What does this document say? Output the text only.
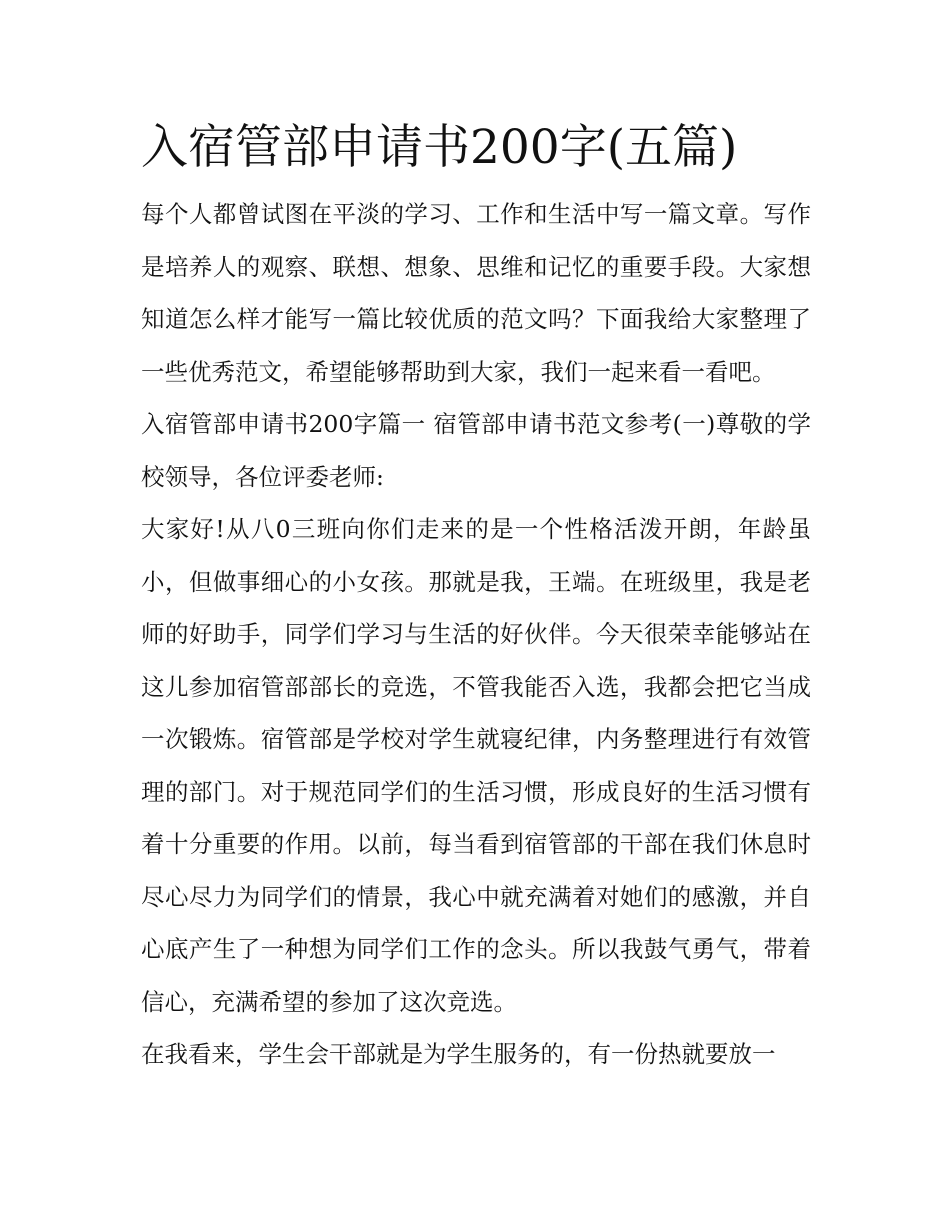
入宿管部申请书200字(五篇)

每个人都曾试图在平淡的学习、工作和生活中写一篇文章。写作是培养人的观察、联想、想象、思维和记忆的重要手段。大家想知道怎么样才能写一篇比较优质的范文吗？下面我给大家整理了一些优秀范文，希望能够帮助到大家，我们一起来看一看吧。

入宿管部申请书200字篇一 宿管部申请书范文参考(一)尊敬的学校领导，各位评委老师:

大家好!从八0三班向你们走来的是一个性格活泼开朗，年龄虽小，但做事细心的小女孩。那就是我，王端。在班级里，我是老师的好助手，同学们学习与生活的好伙伴。今天很荣幸能够站在这儿参加宿管部部长的竞选，不管我能否入选，我都会把它当成一次锻炼。宿管部是学校对学生就寝纪律，内务整理进行有效管理的部门。对于规范同学们的生活习惯，形成良好的生活习惯有着十分重要的作用。以前，每当看到宿管部的干部在我们休息时尽心尽力为同学们的情景，我心中就充满着对她们的感激，并自心底产生了一种想为同学们工作的念头。所以我鼓气勇气，带着信心，充满希望的参加了这次竞选。

在我看来，学生会干部就是为学生服务的，有一份热就要放一
